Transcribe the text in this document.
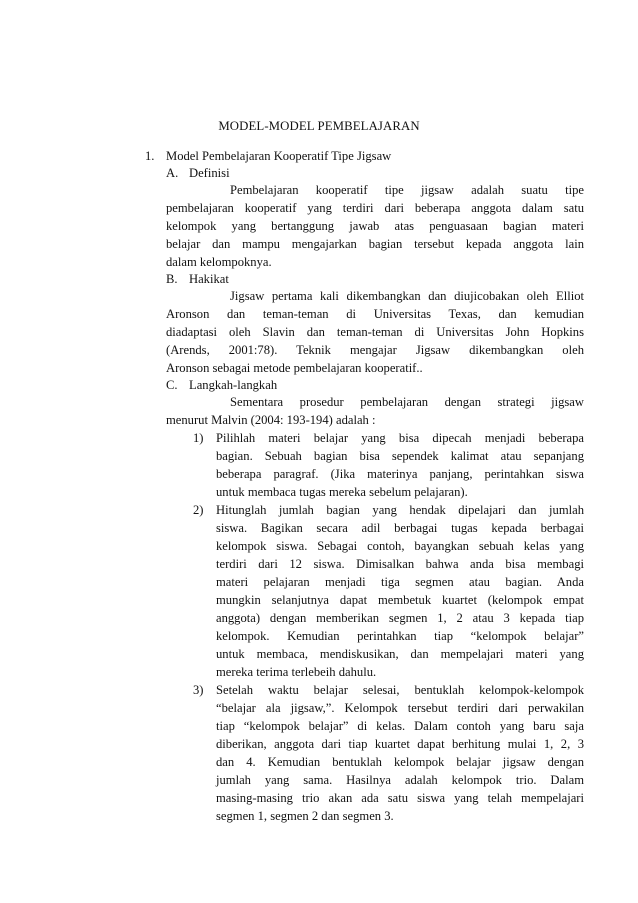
MODEL-MODEL PEMBELAJARAN
1. Model Pembelajaran Kooperatif Tipe Jigsaw
A. Definisi
Pembelajaran kooperatif tipe jigsaw adalah suatu tipe
pembelajaran kooperatif yang terdiri dari beberapa anggota dalam satu
kelompok yang bertanggung jawab atas penguasaan bagian materi
belajar dan mampu mengajarkan bagian tersebut kepada anggota lain
dalam kelompoknya.
B. Hakikat
Jigsaw pertama kali dikembangkan dan diujicobakan oleh Elliot
Aronson dan teman-teman di Universitas Texas, dan kemudian
diadaptasi oleh Slavin dan teman-teman di Universitas John Hopkins
(Arends, 2001:78). Teknik mengajar Jigsaw dikembangkan oleh
Aronson sebagai metode pembelajaran kooperatif..
C. Langkah-langkah
Sementara prosedur pembelajaran dengan strategi jigsaw
menurut Malvin (2004: 193-194) adalah :
1) Pilihlah materi belajar yang bisa dipecah menjadi beberapa
bagian. Sebuah bagian bisa sependek kalimat atau sepanjang
beberapa paragraf. (Jika materinya panjang, perintahkan siswa
untuk membaca tugas mereka sebelum pelajaran).
2) Hitunglah jumlah bagian yang hendak dipelajari dan jumlah
siswa. Bagikan secara adil berbagai tugas kepada berbagai
kelompok siswa. Sebagai contoh, bayangkan sebuah kelas yang
terdiri dari 12 siswa. Dimisalkan bahwa anda bisa membagi
materi pelajaran menjadi tiga segmen atau bagian. Anda
mungkin selanjutnya dapat membetuk kuartet (kelompok empat
anggota) dengan memberikan segmen 1, 2 atau 3 kepada tiap
kelompok. Kemudian perintahkan tiap “kelompok belajar”
untuk membaca, mendiskusikan, dan mempelajari materi yang
mereka terima terlebeih dahulu.
3) Setelah waktu belajar selesai, bentuklah kelompok-kelompok
“belajar ala jigsaw,”. Kelompok tersebut terdiri dari perwakilan
tiap “kelompok belajar” di kelas. Dalam contoh yang baru saja
diberikan, anggota dari tiap kuartet dapat berhitung mulai 1, 2, 3
dan 4. Kemudian bentuklah kelompok belajar jigsaw dengan
jumlah yang sama. Hasilnya adalah kelompok trio. Dalam
masing-masing trio akan ada satu siswa yang telah mempelajari
segmen 1, segmen 2 dan segmen 3.
